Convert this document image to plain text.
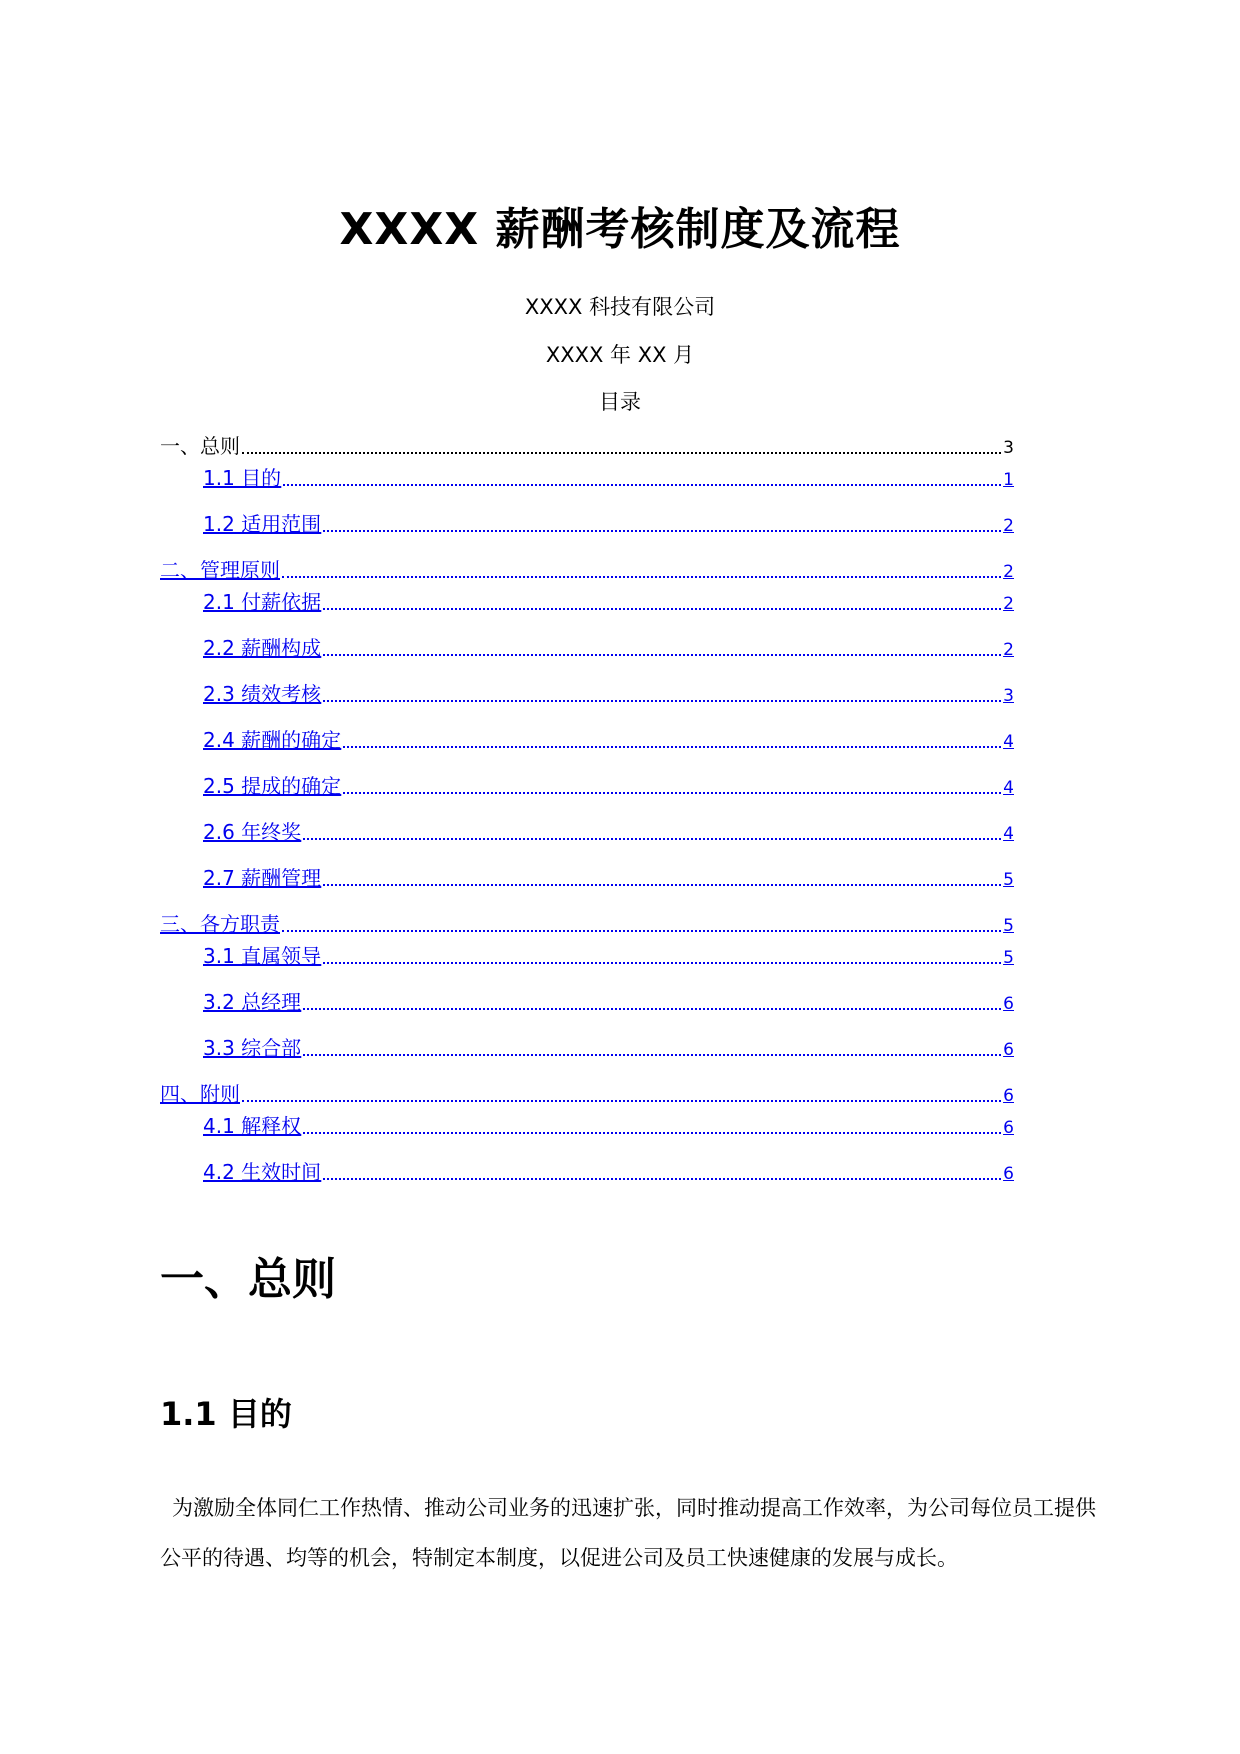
XXXX 薪酬考核制度及流程
XXXX 科技有限公司
XXXX 年 XX 月
目录
一、总则	3
1.1 目的	1
1.2 适用范围	2
二、管理原则	2
2.1 付薪依据	2
2.2 薪酬构成	2
2.3 绩效考核	3
2.4 薪酬的确定	4
2.5 提成的确定	4
2.6 年终奖	4
2.7 薪酬管理	5
三、各方职责	5
3.1 直属领导	5
3.2 总经理	6
3.3 综合部	6
四、附则	6
4.1 解释权	6
4.2 生效时间	6
一、总则
1.1 目的
为激励全体同仁工作热情、推动公司业务的迅速扩张，同时推动提高工作效率，为公司每位员工提供公平的待遇、均等的机会，特制定本制度，以促进公司及员工快速健康的发展与成长。
